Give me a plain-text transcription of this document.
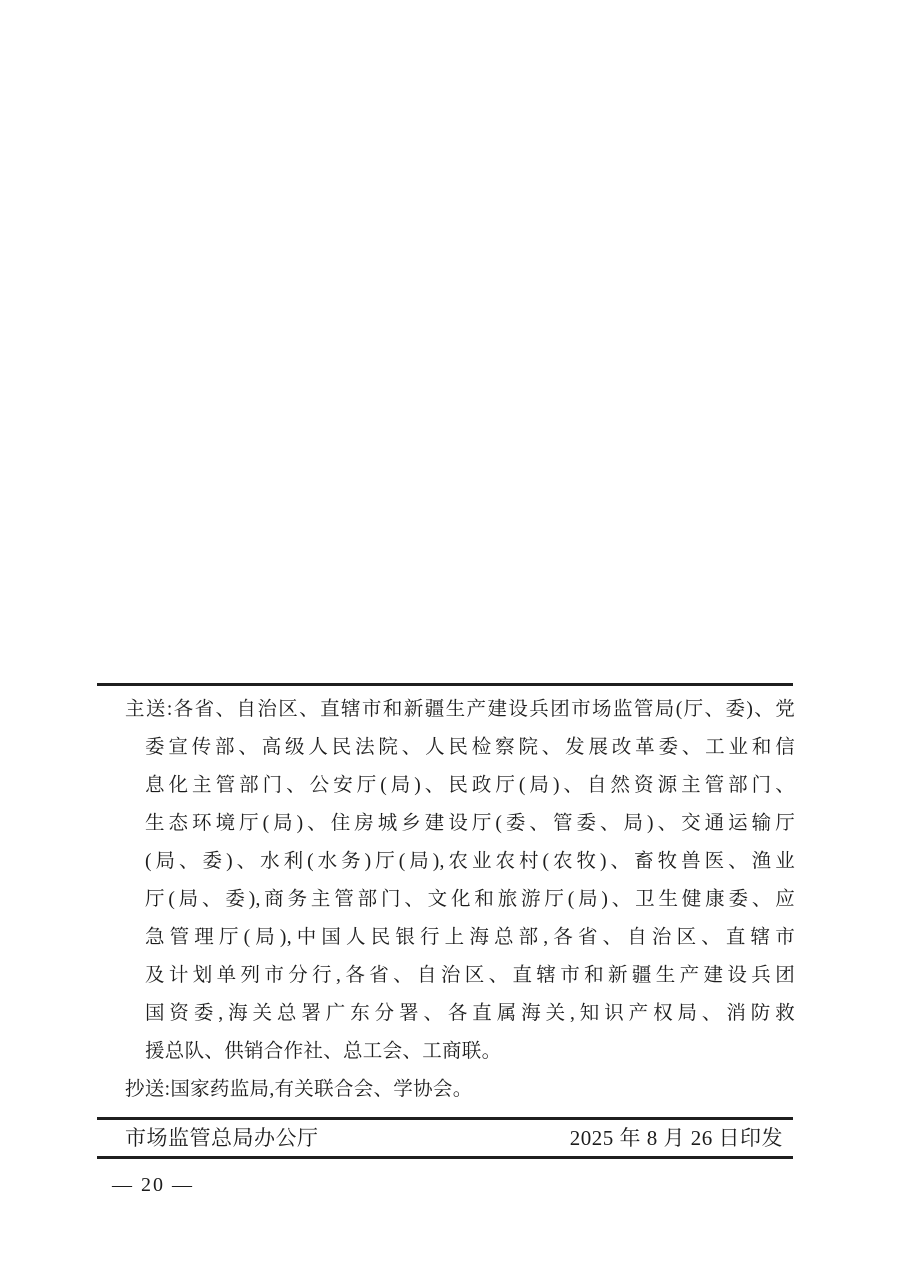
主送:各省、自治区、直辖市和新疆生产建设兵团市场监管局(厅、委)、党
委宣传部、高级人民法院、人民检察院、发展改革委、工业和信
息化主管部门、公安厅(局)、民政厅(局)、自然资源主管部门、
生态环境厅(局)、住房城乡建设厅(委、管委、局)、交通运输厅
(局、委)、水利(水务)厅(局),农业农村(农牧)、畜牧兽医、渔业
厅(局、委),商务主管部门、文化和旅游厅(局)、卫生健康委、应
急管理厅(局),中国人民银行上海总部,各省、自治区、直辖市
及计划单列市分行,各省、自治区、直辖市和新疆生产建设兵团
国资委,海关总署广东分署、各直属海关,知识产权局、消防救
援总队、供销合作社、总工会、工商联。
抄送:国家药监局,有关联合会、学协会。
市场监管总局办公厅	2025 年 8 月 26 日印发
— 20 —
